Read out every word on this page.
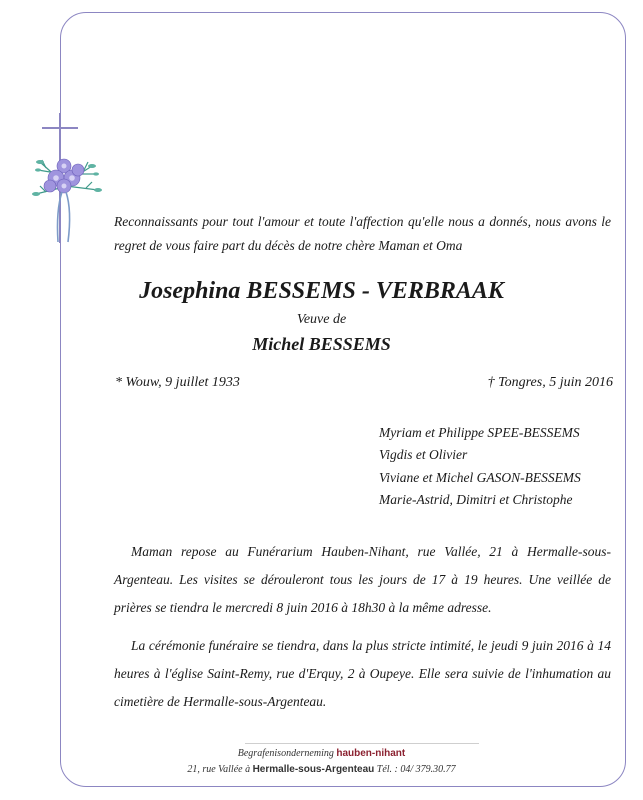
Reconnaissants pour tout l'amour et toute l'affection qu'elle nous a donnés, nous avons le regret de vous faire part du décès de notre chère Maman et Oma
Josephina BESSEMS - VERBRAAK
Veuve de
Michel BESSEMS
* Wouw, 9 juillet 1933	† Tongres, 5 juin 2016
Myriam et Philippe SPEE-BESSEMS
Vigdis et Olivier
Viviane et Michel GASON-BESSEMS
Marie-Astrid, Dimitri et Christophe
Maman repose au Funérarium Hauben-Nihant, rue Vallée, 21 à Hermalle-sous-Argenteau. Les visites se dérouleront tous les jours de 17 à 19 heures. Une veillée de prières se tiendra le mercredi 8 juin 2016 à 18h30 à la même adresse.
La cérémonie funéraire se tiendra, dans la plus stricte intimité, le jeudi 9 juin 2016 à 14 heures à l'église Saint-Remy, rue d'Erquy, 2 à Oupeye. Elle sera suivie de l'inhumation au cimetière de Hermalle-sous-Argenteau.
Begrafenisonderneming hauben-nihant
21, rue Vallée à Hermalle-sous-Argenteau Tél. : 04/ 379.30.77
